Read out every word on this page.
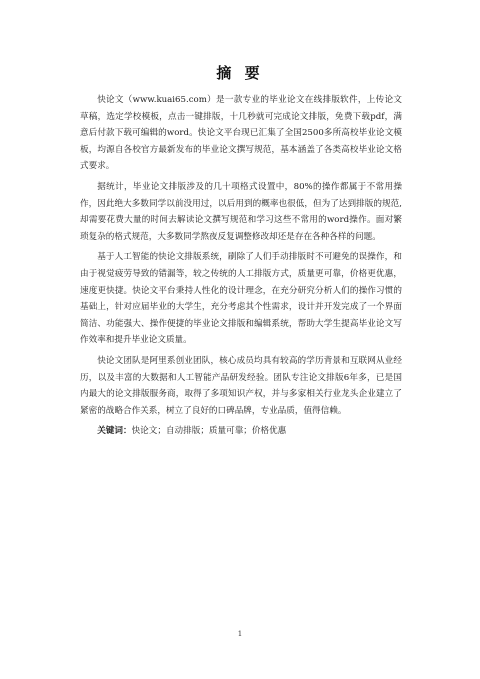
摘 要

快论文（www.kuai65.com）是一款专业的毕业论文在线排版软件，上传论文草稿，选定学校模板，点击一键排版，十几秒就可完成论文排版，免费下载pdf，满意后付款下载可编辑的word。快论文平台现已汇集了全国2500多所高校毕业论文模板，均源自各校官方最新发布的毕业论文撰写规范，基本涵盖了各类高校毕业论文格式要求。

据统计，毕业论文排版涉及的几十项格式设置中，80%的操作都属于不常用操作，因此绝大多数同学以前没用过，以后用到的概率也很低，但为了达到排版的规范,却需要花费大量的时间去解读论文撰写规范和学习这些不常用的word操作。面对繁琐复杂的格式规范，大多数同学熬夜反复调整修改却还是存在各种各样的问题。

基于人工智能的快论文排版系统，刷除了人们手动排版时不可避免的误操作，和由于视觉疲劳导致的错漏等，较之传统的人工排版方式，质量更可靠，价格更优惠，速度更快捷。快论文平台秉持人性化的设计理念，在充分研究分析人们的操作习惯的基础上，针对应届毕业的大学生，充分考虑其个性需求，设计并开发完成了一个界面简洁、功能强大、操作便捷的毕业论文排版和编辑系统，帮助大学生提高毕业论文写作效率和提升毕业论文质量。

快论文团队是阿里系创业团队，核心成员均具有较高的学历背景和互联网从业经历，以及丰富的大数据和人工智能产品研发经验。团队专注论文排版6年多，已是国内最大的论文排版服务商，取得了多项知识产权，并与多家相关行业龙头企业建立了紧密的战略合作关系，树立了良好的口碑品牌，专业品质，值得信赖。

关键词：快论文；自动排版；质量可靠；价格优惠

1
